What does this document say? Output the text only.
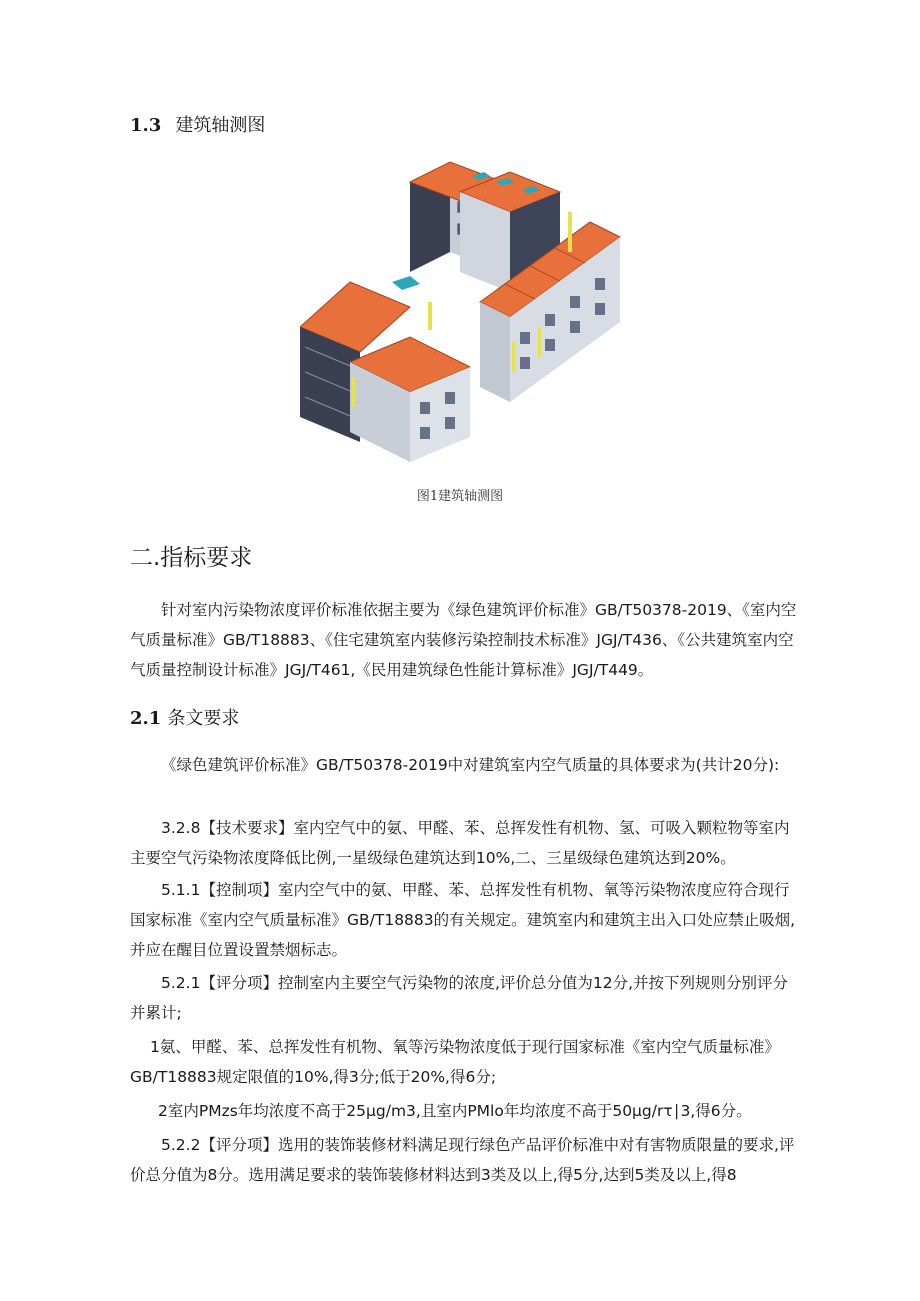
1.3 建筑轴测图
图1建筑轴测图
二.指标要求
针对室内污染物浓度评价标准依据主要为《绿色建筑评价标准》GB/T50378-2019、《室内空气质量标准》GB/T18883、《住宅建筑室内装修污染控制技术标准》JGJ/T436、《公共建筑室内空气质量控制设计标准》JGJ/T461,《民用建筑绿色性能计算标准》JGJ/T449。
2.1 条文要求
《绿色建筑评价标准》GB/T50378-2019中对建筑室内空气质量的具体要求为(共计20分):
3.2.8【技术要求】室内空气中的氨、甲醛、苯、总挥发性有机物、氢、可吸入颗粒物等室内主要空气污染物浓度降低比例,一星级绿色建筑达到10%,二、三星级绿色建筑达到20%。
5.1.1【控制项】室内空气中的氨、甲醛、苯、总挥发性有机物、氧等污染物浓度应符合现行国家标准《室内空气质量标准》GB/T18883的有关规定。建筑室内和建筑主出入口处应禁止吸烟,并应在醒目位置设置禁烟标志。
5.2.1【评分项】控制室内主要空气污染物的浓度,评价总分值为12分,并按下列规则分别评分并累计;
1氨、甲醛、苯、总挥发性有机物、氧等污染物浓度低于现行国家标准《室内空气质量标准》GB/T18883规定限值的10%,得3分;低于20%,得6分;
2室内PMzs年均浓度不高于25μg∕m3,且室内PMlo年均浓度不高于50μg∕rτ∣3,得6分。
5.2.2【评分项】选用的装饰装修材料满足现行绿色产品评价标准中对有害物质限量的要求,评价总分值为8分。选用满足要求的装饰装修材料达到3类及以上,得5分,达到5类及以上,得8
